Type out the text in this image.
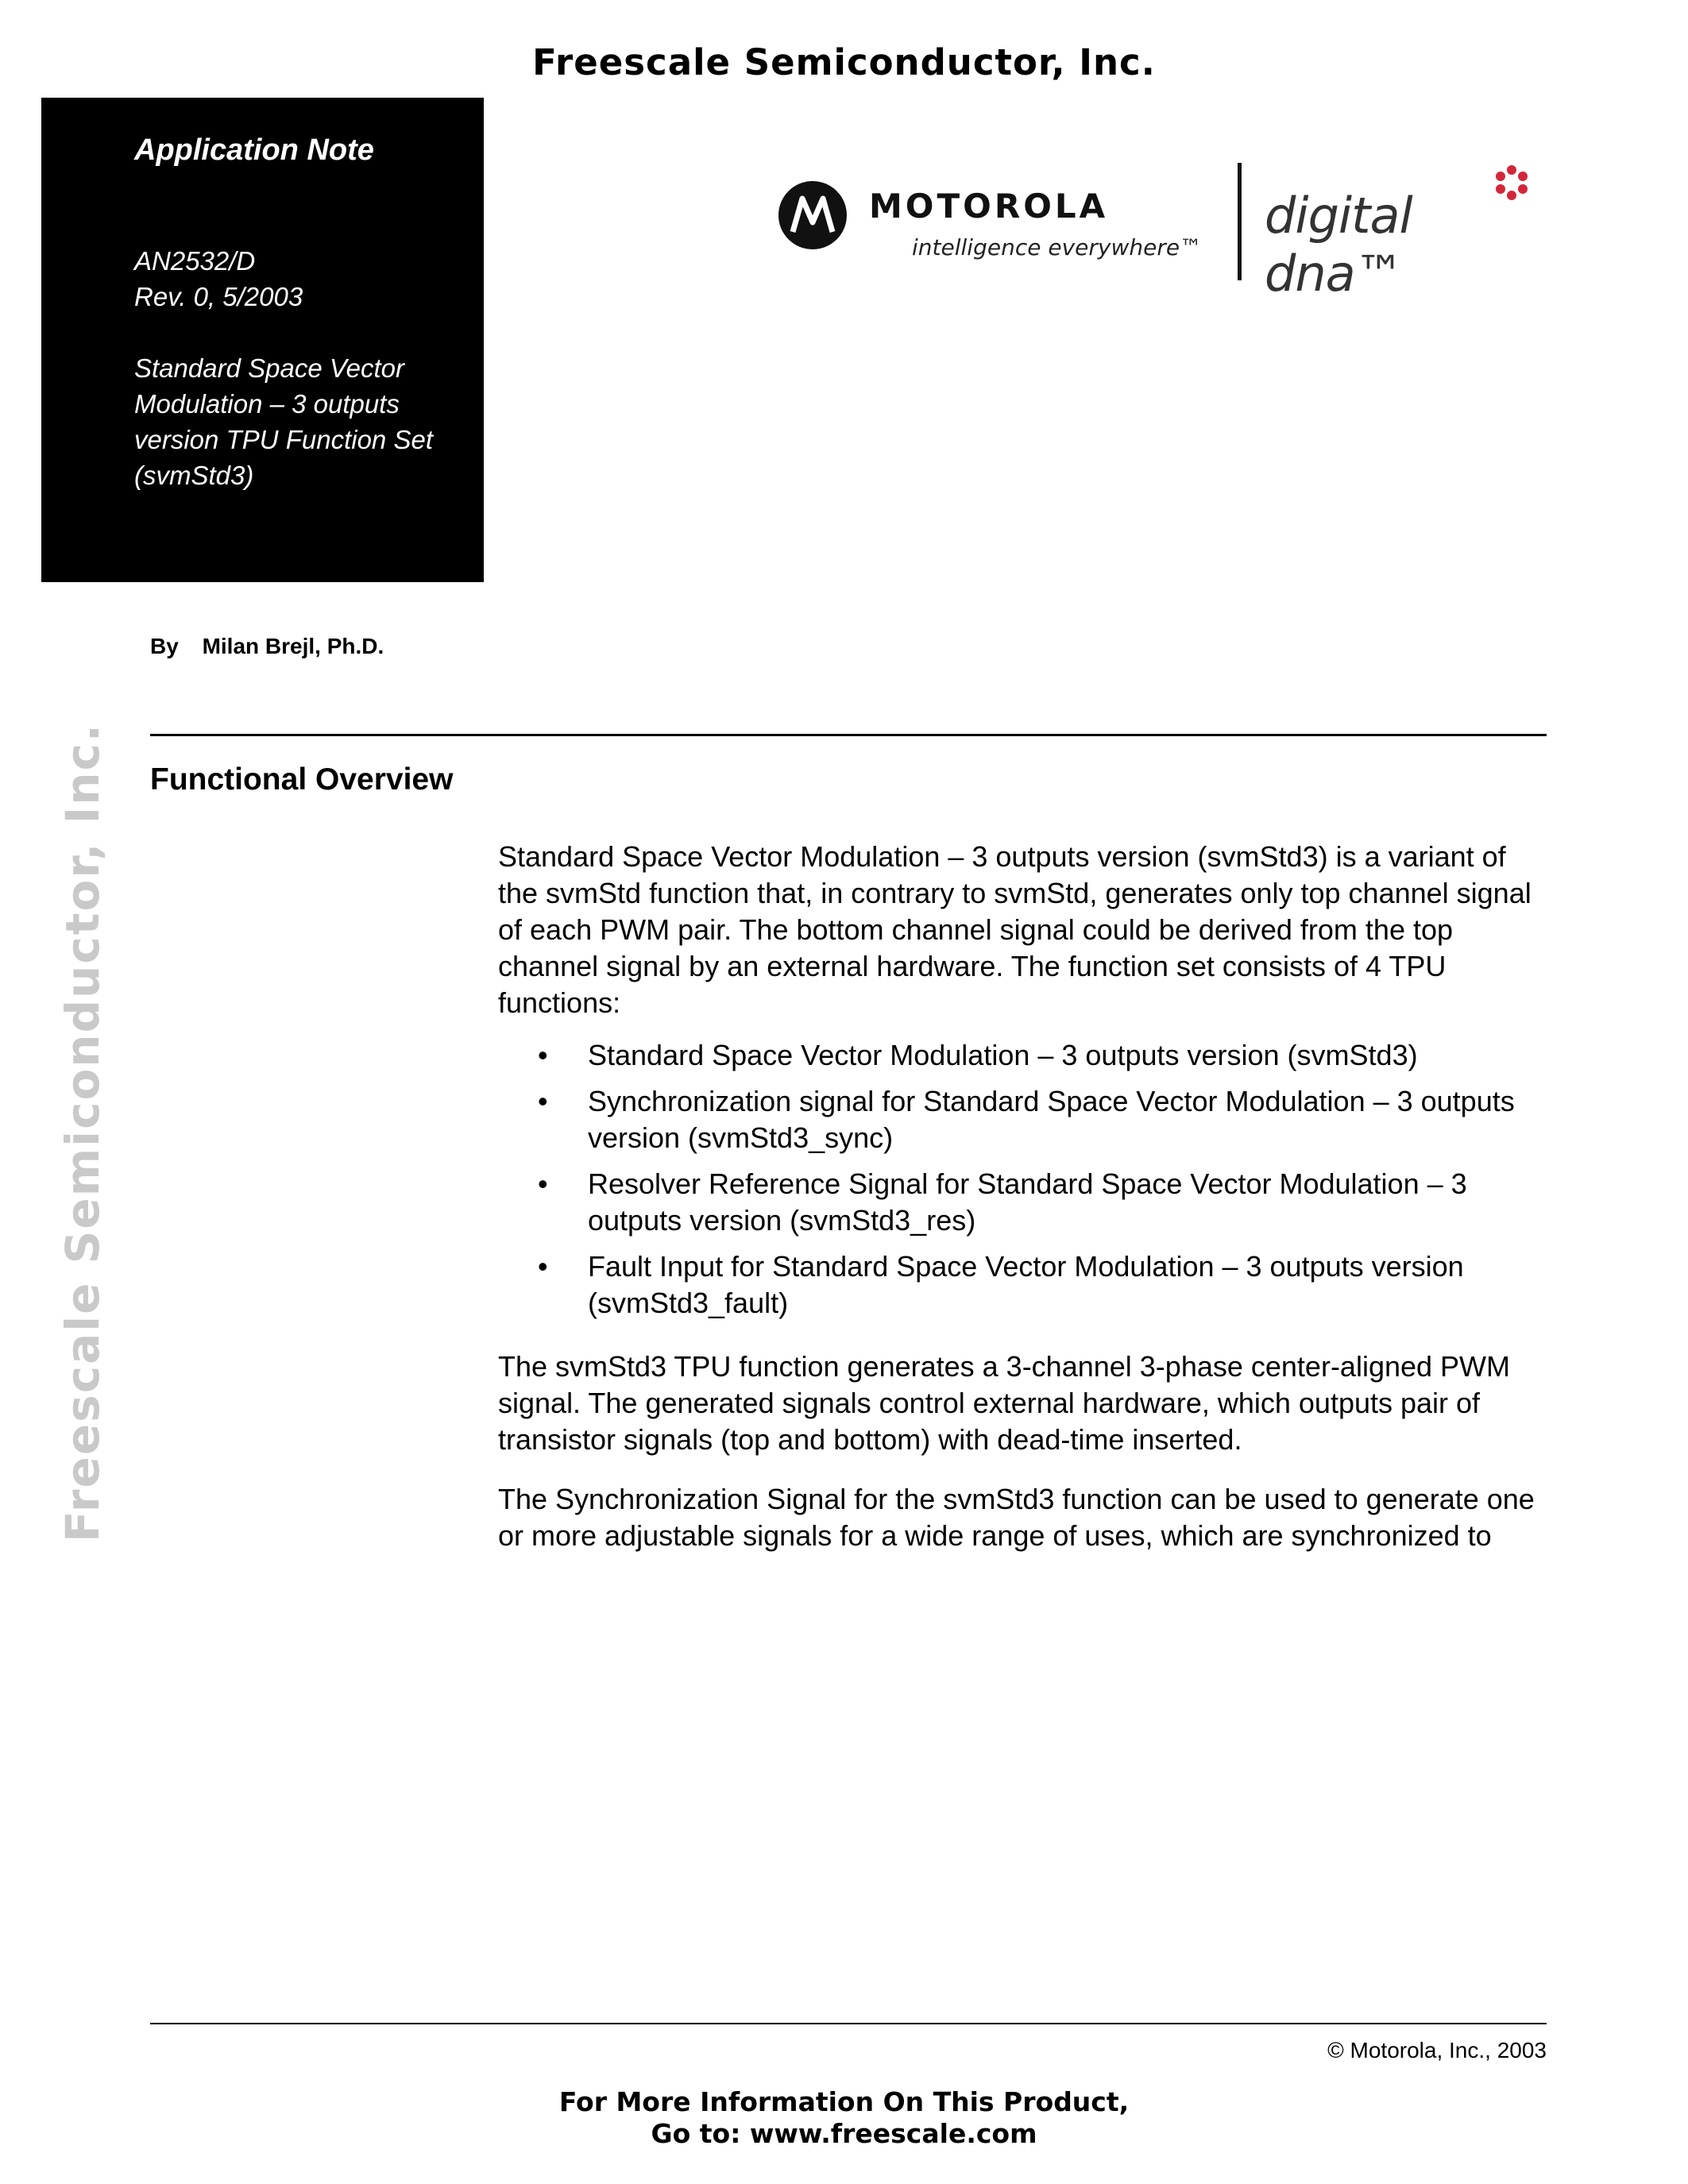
Freescale Semiconductor, Inc.
Application Note
AN2532/D
Rev. 0, 5/2003
Standard Space Vector
Modulation – 3 outputs
version TPU Function Set
(svmStd3)
MOTOROLA
intelligence everywhere™
digital dna™
By Milan Brejl, Ph.D.
Functional Overview
Freescale Semiconductor, Inc.	Standard Space Vector Modulation – 3 outputs version (svmStd3) is a variant of the svmStd function that, in contrary to svmStd, generates only top channel signal of each PWM pair. The bottom channel signal could be derived from the top channel signal by an external hardware. The function set consists of 4 TPU functions:
• Standard Space Vector Modulation – 3 outputs version (svmStd3)
• Synchronization signal for Standard Space Vector Modulation – 3 outputs version (svmStd3_sync)
• Resolver Reference Signal for Standard Space Vector Modulation – 3 outputs version (svmStd3_res)
• Fault Input for Standard Space Vector Modulation – 3 outputs version (svmStd3_fault)
The svmStd3 TPU function generates a 3-channel 3-phase center-aligned PWM signal. The generated signals control external hardware, which outputs pair of transistor signals (top and bottom) with dead-time inserted.
The Synchronization Signal for the svmStd3 function can be used to generate one or more adjustable signals for a wide range of uses, which are synchronized to
© Motorola, Inc., 2003
For More Information On This Product,
Go to: www.freescale.com
